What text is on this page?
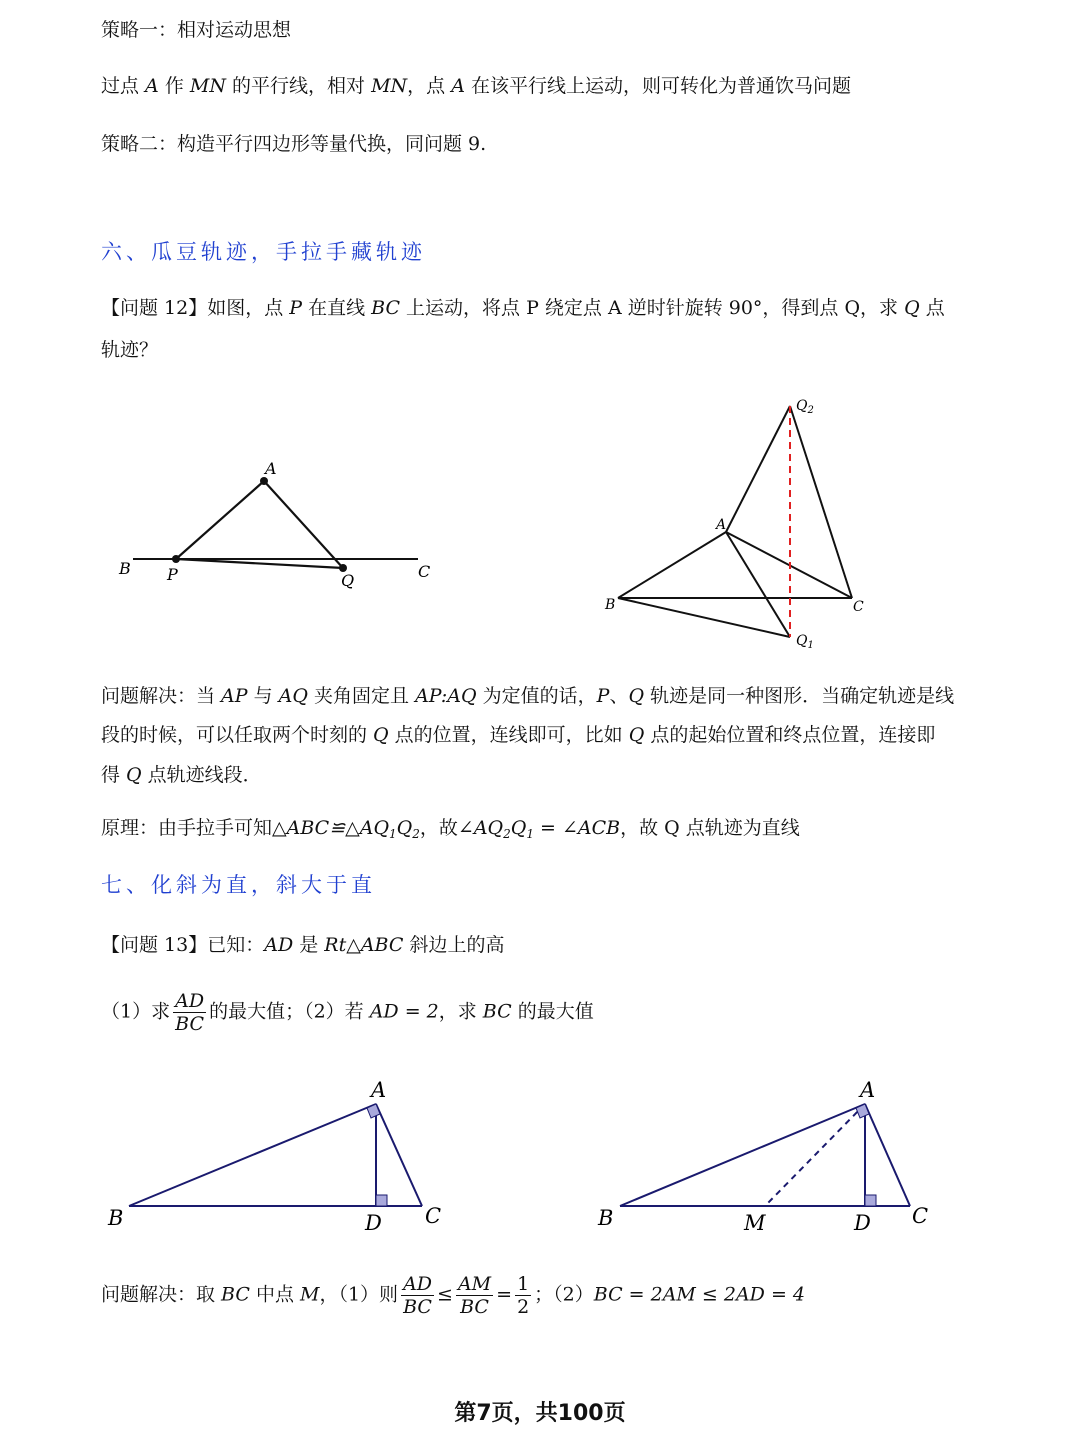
策略一：相对运动思想
过点 A 作 MN 的平行线，相对 MN，点 A 在该平行线上运动，则可转化为普通饮马问题
策略二：构造平行四边形等量代换，同问题 9.
六、瓜豆轨迹，手拉手藏轨迹
【问题 12】如图，点 P 在直线 BC 上运动，将点 P 绕定点 A 逆时针旋转 90°，得到点 Q，求 Q 点
轨迹？
A
B P	Q	C
$Q_2$
A
B	C
$Q_1$
问题解决：当 AP 与 AQ 夹角固定且 AP:AQ 为定值的话，P、Q 轨迹是同一种图形．当确定轨迹是线
段的时候，可以任取两个时刻的 Q 点的位置，连线即可，比如 Q 点的起始位置和终点位置，连接即
得 Q 点轨迹线段．
原理：由手拉手可知$\triangle ABC≌\triangle AQ_1Q_2$，故$\angle AQ_2Q_1$ = ∠ACB，故 Q 点轨迹为直线
七、化斜为直，斜大于直
【问题 13】已知：AD 是 Rt△ABC 斜边上的高
（1）求 $\frac{AD}{BC}$ 的最大值；（2）若 AD = 2，求 BC 的最大值
A
B	D C
A
B	M	D C
问题解决：取 BC 中点 M，（1）则 $\frac{AD}{BC} \le \frac{AM}{BC} = \frac{1}{2}$ ；（2）BC = 2AM ≤ 2AD = 4
第7页，共100页
